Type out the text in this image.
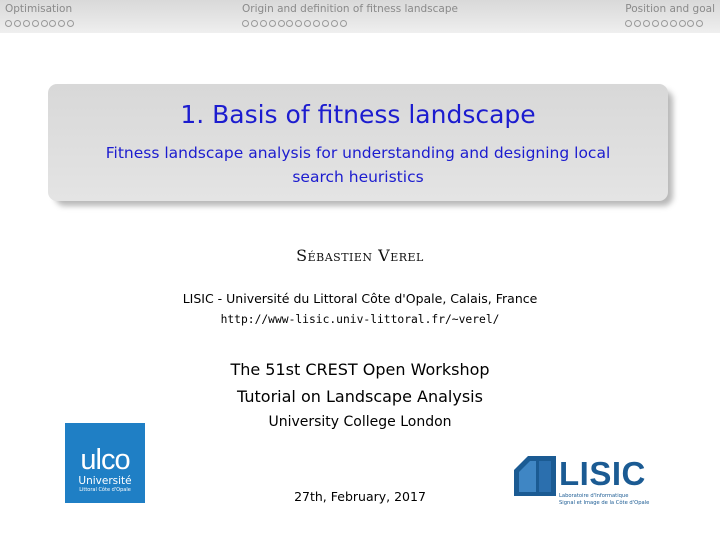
Optimisation	Origin and definition of fitness landscape	Position and goal
1. Basis of fitness landscape
Fitness landscape analysis for understanding and designing local search heuristics
Sébastien Verel
LISIC - Université du Littoral Côte d'Opale, Calais, France
http://www-lisic.univ-littoral.fr/~verel/
The 51st CREST Open Workshop
Tutorial on Landscape Analysis
University College London
27th, February, 2017
ulco
Université
Littoral Côte d'Opale	LISIC
Laboratoire d'Informatique
Signal et Image de la Côte d'Opale
